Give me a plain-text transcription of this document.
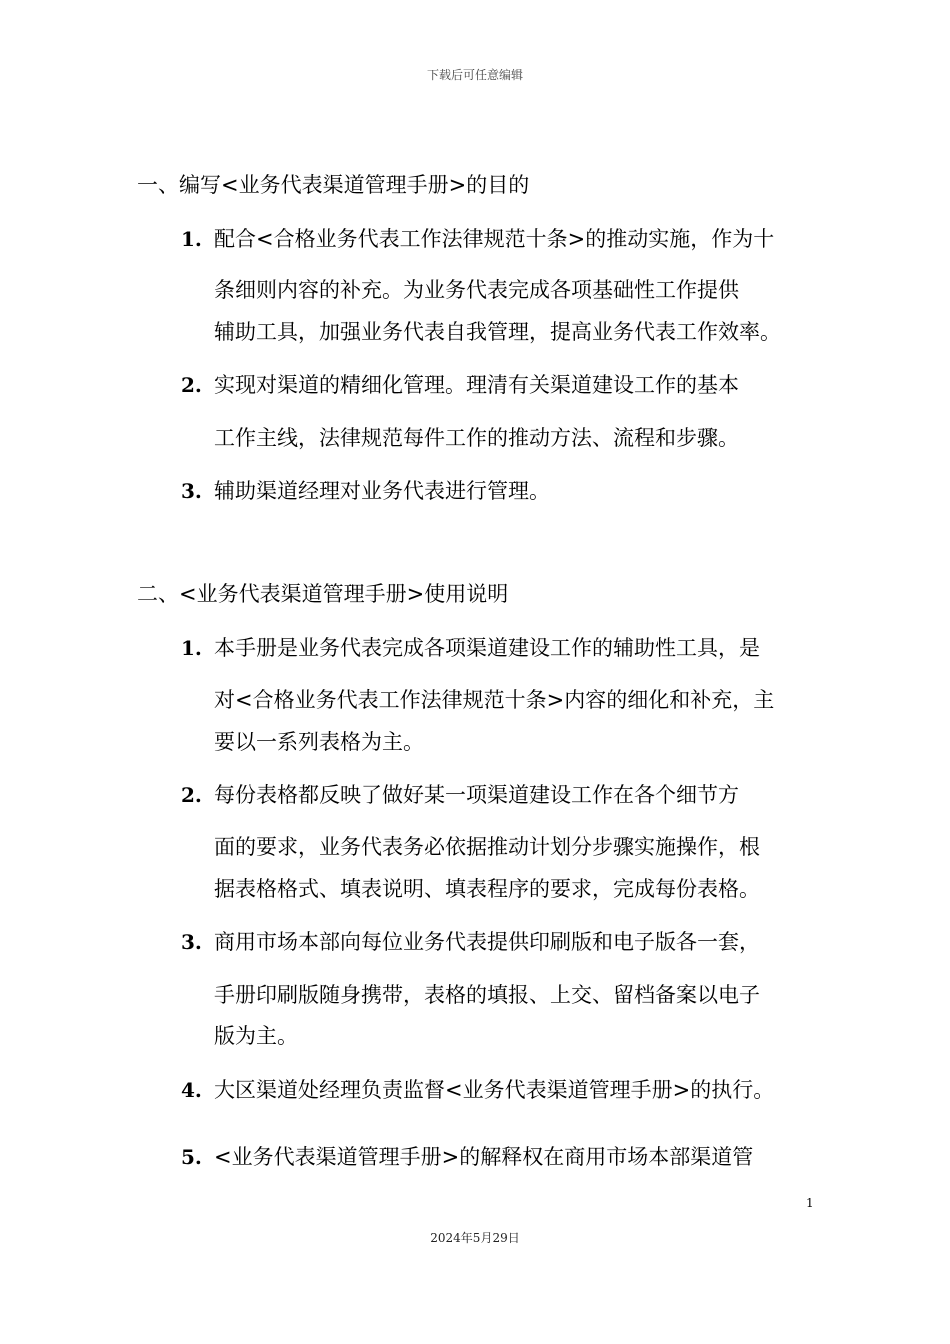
下载后可任意编辑
一、编写<业务代表渠道管理手册>的目的
1. 配合<合格业务代表工作法律规范十条>的推动实施，作为十
条细则内容的补充。为业务代表完成各项基础性工作提供
辅助工具，加强业务代表自我管理，提高业务代表工作效率。
2. 实现对渠道的精细化管理。理清有关渠道建设工作的基本
工作主线，法律规范每件工作的推动方法、流程和步骤。
3. 辅助渠道经理对业务代表进行管理。
二、<业务代表渠道管理手册>使用说明
1. 本手册是业务代表完成各项渠道建设工作的辅助性工具，是
对<合格业务代表工作法律规范十条>内容的细化和补充，主
要以一系列表格为主。
2. 每份表格都反映了做好某一项渠道建设工作在各个细节方
面的要求，业务代表务必依据推动计划分步骤实施操作，根
据表格格式、填表说明、填表程序的要求，完成每份表格。
3. 商用市场本部向每位业务代表提供印刷版和电子版各一套，
手册印刷版随身携带，表格的填报、上交、留档备案以电子
版为主。
4. 大区渠道处经理负责监督<业务代表渠道管理手册>的执行。
5. <业务代表渠道管理手册>的解释权在商用市场本部渠道管
1
2024年5月29日
